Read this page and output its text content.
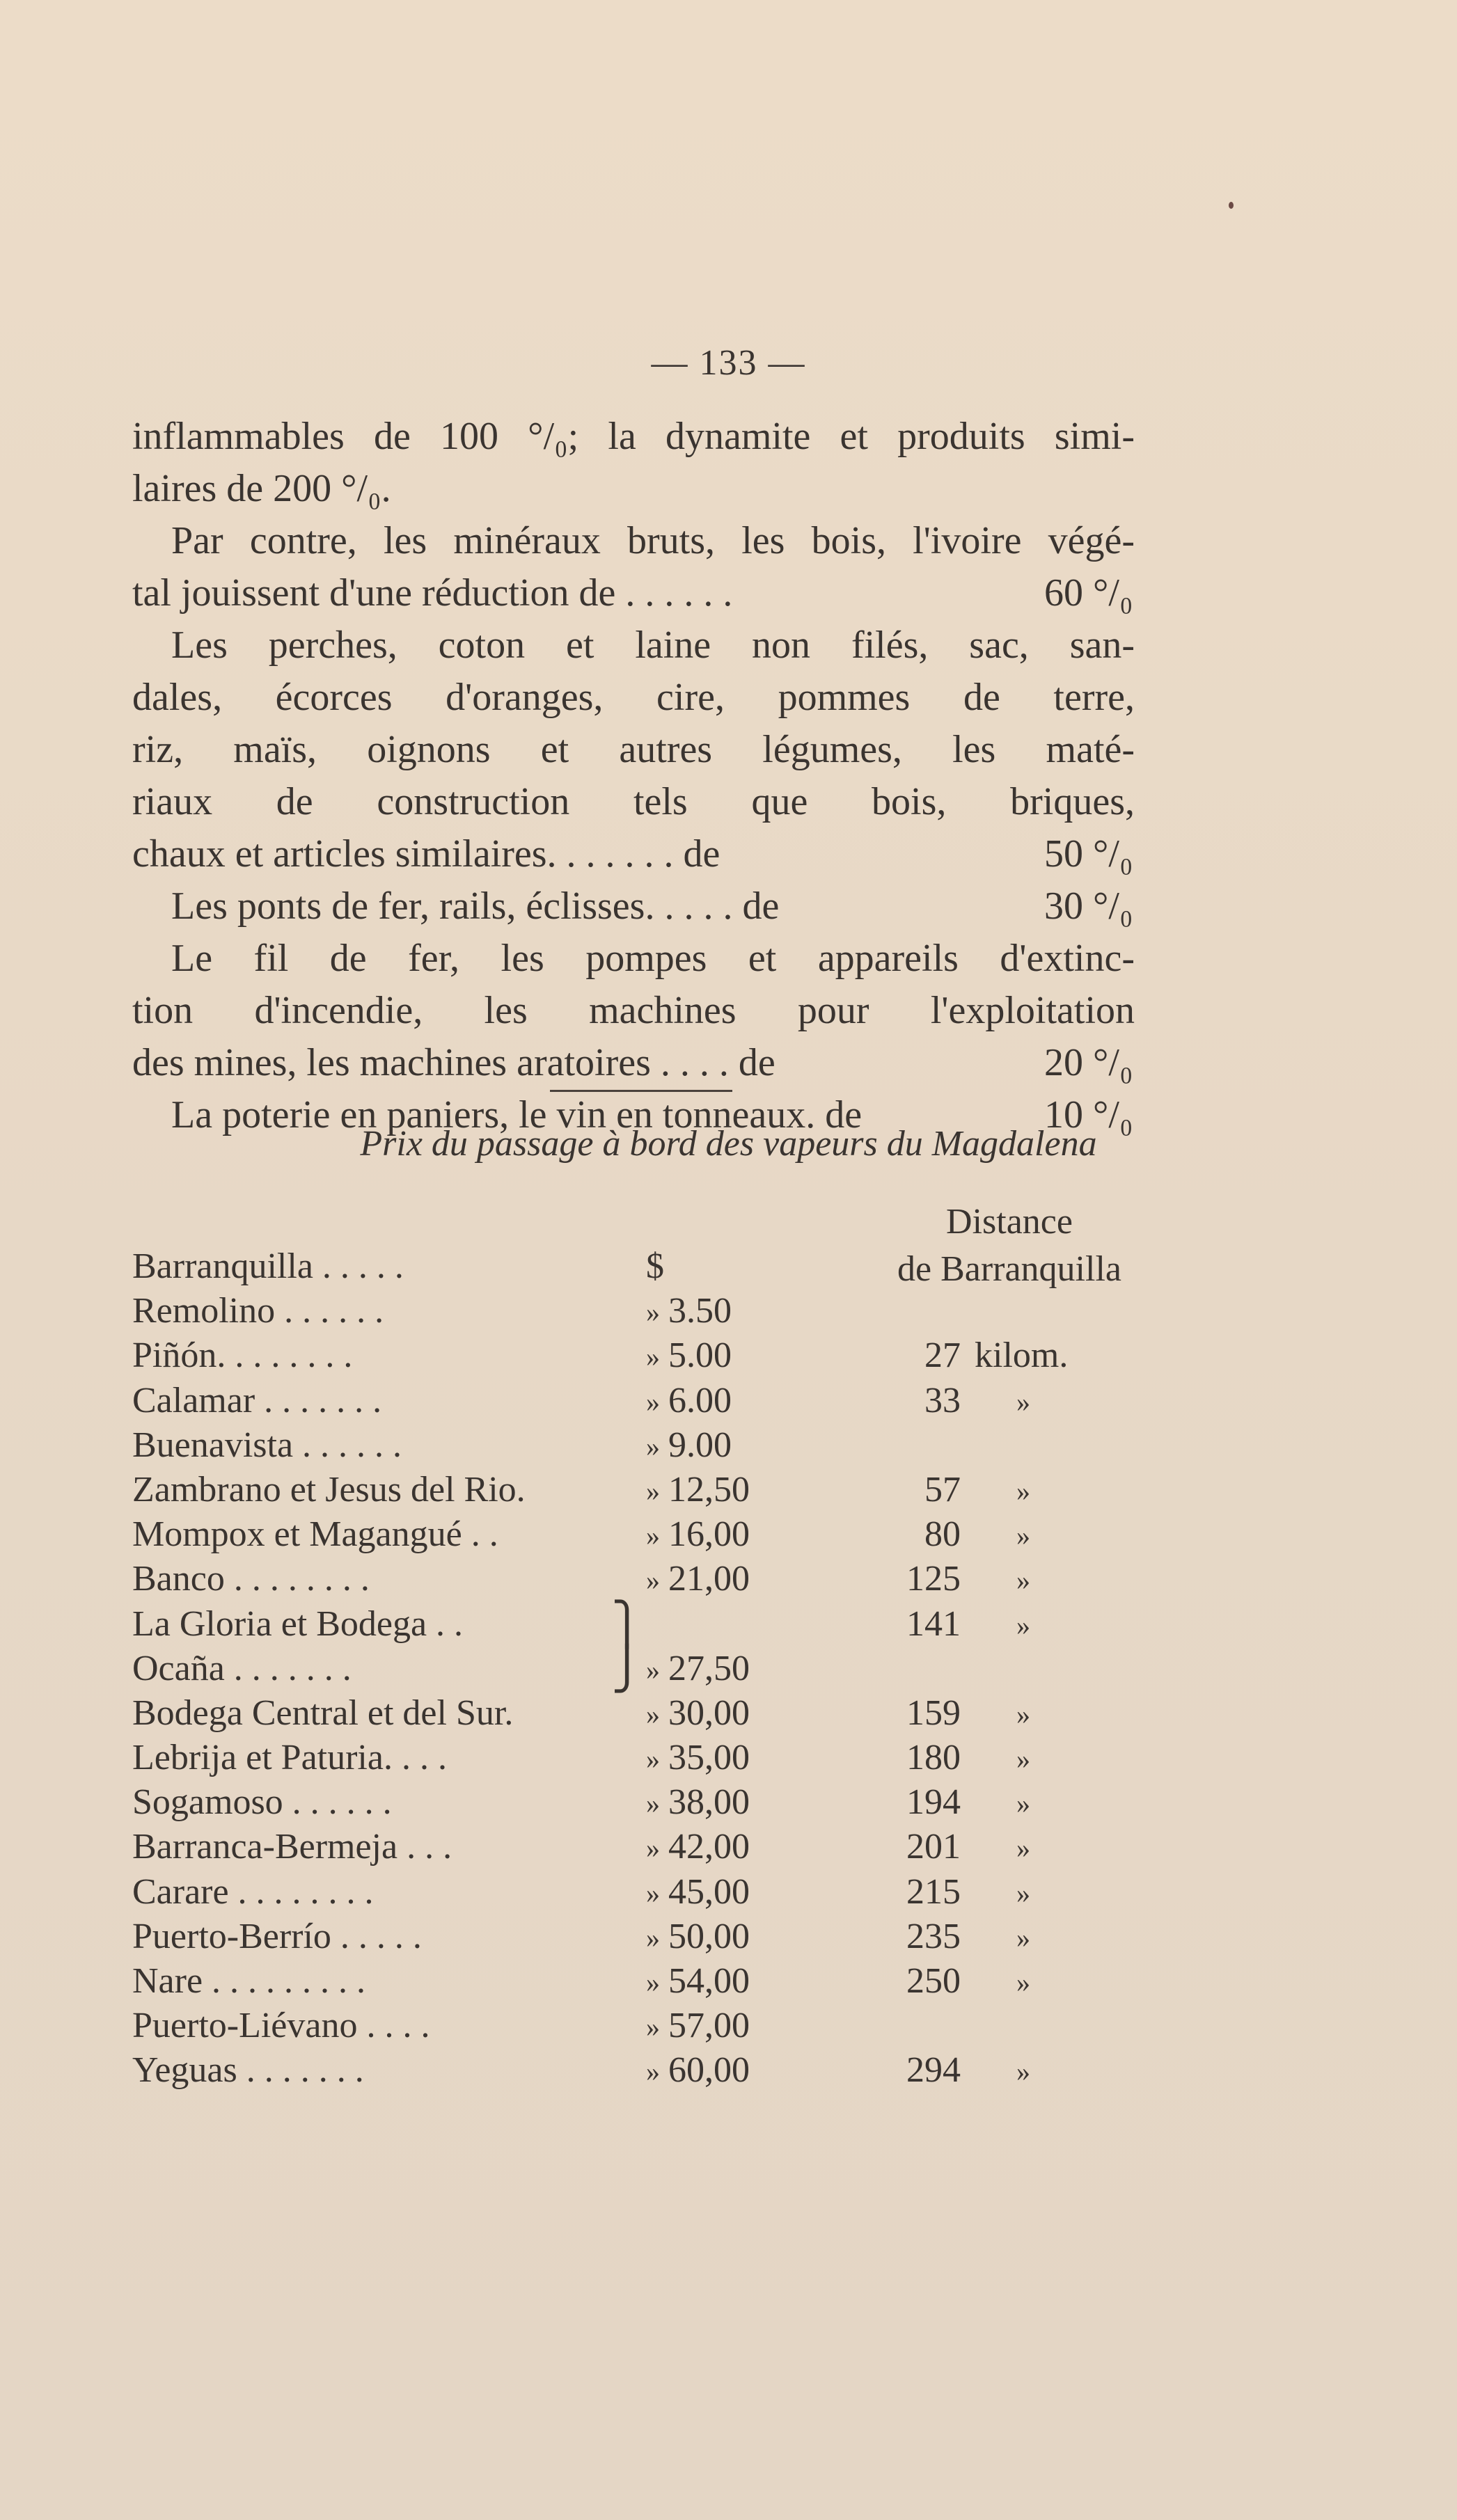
— 133 —
inflammables de 100 °/₀; la dynamite et produits simi-
laires de 200 °/₀.
Par contre, les minéraux bruts, les bois, l'ivoire végé-
tal jouissent d'une réduction de . . . . . .	60 °/₀
Les perches, coton et laine non filés, sac, san-
dales, écorces d'oranges, cire, pommes de terre,
riz, maïs, oignons et autres légumes, les maté-
riaux de construction tels que bois, briques,
chaux et articles similaires. . . . . . . de	50 °/₀
Les ponts de fer, rails, éclisses. . . . . de	30 °/₀
Le fil de fer, les pompes et appareils d'extinc-
tion d'incendie, les machines pour l'exploitation
des mines, les machines aratoires . . . . de	20 °/₀
La poterie en paniers, le vin en tonneaux. de	10 °/₀
Prix du passage à bord des vapeurs du Magdalena
Distance
de Barranquilla
Barranquilla . . . . .	$
Remolino . . . . . .	» 3.50
Piñón. . . . . . . .	» 5.00	27 kilom.
Calamar . . . . . . .	» 6.00	33 »
Buenavista . . . . . .	» 9.00
Zambrano et Jesus del Rio.	» 12,50	57 »
Mompox et Magangué . .	» 16,00	80 »
Banco . . . . . . . .	» 21,00	125 »
La Gloria et Bodega . .	⎫	141 »
Ocaña . . . . . . .	⎭ » 27,50
Bodega Central et del Sur.	» 30,00	159 »
Lebrija et Paturia. . . .	» 35,00	180 »
Sogamoso . . . . . .	» 38,00	194 »
Barranca-Bermeja . . .	» 42,00	201 »
Carare . . . . . . . .	» 45,00	215 »
Puerto-Berrío . . . . .	» 50,00	235 »
Nare . . . . . . . . .	» 54,00	250 »
Puerto-Liévano . . . .	» 57,00
Yeguas . . . . . . .	» 60,00	294 »
